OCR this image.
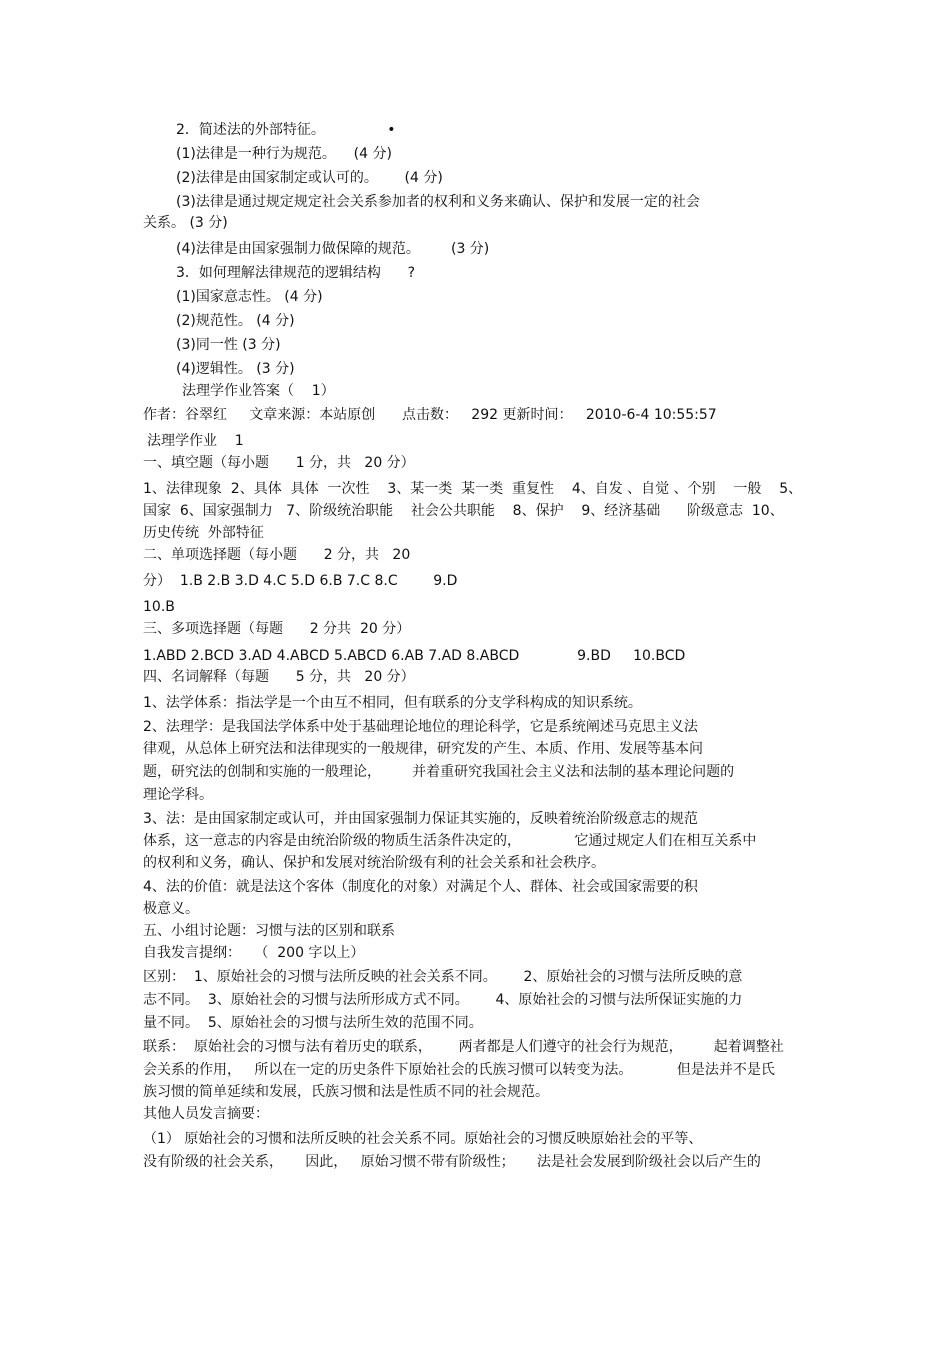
2．简述法的外部特征。              •
(1)法律是一种行为规范。    (4 分)
(2)法律是由国家制定或认可的。      (4 分)
(3)法律是通过规定规定社会关系参加者的权利和义务来确认、保护和发展一定的社会
关系。 (3 分)
(4)法律是由国家强制力做保障的规范。       (3 分)
3．如何理解法律规范的逻辑结构      ?
(1)国家意志性。 (4 分)
(2)规范性。 (4 分)
(3)同一性 (3 分)
(4)逻辑性。 (3 分)
法理学作业答案（    1）
作者：谷翠红     文章来源：本站原创      点击数：   292 更新时间：   2010-6-4 10:55:57
法理学作业    1
一、填空题（每小题      1 分，共   20 分）
1、法律现象  2、具体  具体  一次性    3、某一类  某一类  重复性    4、自发 、自觉 、个别    一般    5、
国家  6、国家强制力   7、阶级统治职能    社会公共职能    8、保护    9、经济基础      阶级意志  10、
历史传统  外部特征
二、单项选择题（每小题      2 分，共   20
分）  1.B 2.B 3.D 4.C 5.D 6.B 7.C 8.C        9.D
10.B
三、多项选择题（每题      2 分共  20 分）
1.ABD 2.BCD 3.AD 4.ABCD 5.ABCD 6.AB 7.AD 8.ABCD             9.BD     10.BCD
四、名词解释（每题      5 分，共   20 分）
1、法学体系：指法学是一个由互不相同，但有联系的分支学科构成的知识系统。
2、法理学：是我国法学体系中处于基础理论地位的理论科学，它是系统阐述马克思主义法
律观，从总体上研究法和法律现实的一般规律，研究发的产生、本质、作用、发展等基本问
题，研究法的创制和实施的一般理论，       并着重研究我国社会主义法和法制的基本理论问题的
理论学科。
3、法：是由国家制定或认可，并由国家强制力保证其实施的，反映着统治阶级意志的规范
体系，这一意志的内容是由统治阶级的物质生活条件决定的，            它通过规定人们在相互关系中
的权利和义务，确认、保护和发展对统治阶级有利的社会关系和社会秩序。
4、法的价值：就是法这个客体（制度化的对象）对满足个人、群体、社会或国家需要的积
极意义。
五、小组讨论题：习惯与法的区别和联系
自我发言提纲：   （  200 字以上）
区别：  1、原始社会的习惯与法所反映的社会关系不同。      2、原始社会的习惯与法所反映的意
志不同。  3、原始社会的习惯与法所形成方式不同。      4、原始社会的习惯与法所保证实施的力
量不同。  5、原始社会的习惯与法所生效的范围不同。
联系：  原始社会的习惯与法有着历史的联系，      两者都是人们遵守的社会行为规范，       起着调整社
会关系的作用，   所以在一定的历史条件下原始社会的氏族习惯可以转变为法。          但是法并不是氏
族习惯的简单延续和发展，氏族习惯和法是性质不同的社会规范。
其他人员发言摘要：
（1） 原始社会的习惯和法所反映的社会关系不同。原始社会的习惯反映原始社会的平等、
没有阶级的社会关系，     因此，   原始习惯不带有阶级性；     法是社会发展到阶级社会以后产生的
